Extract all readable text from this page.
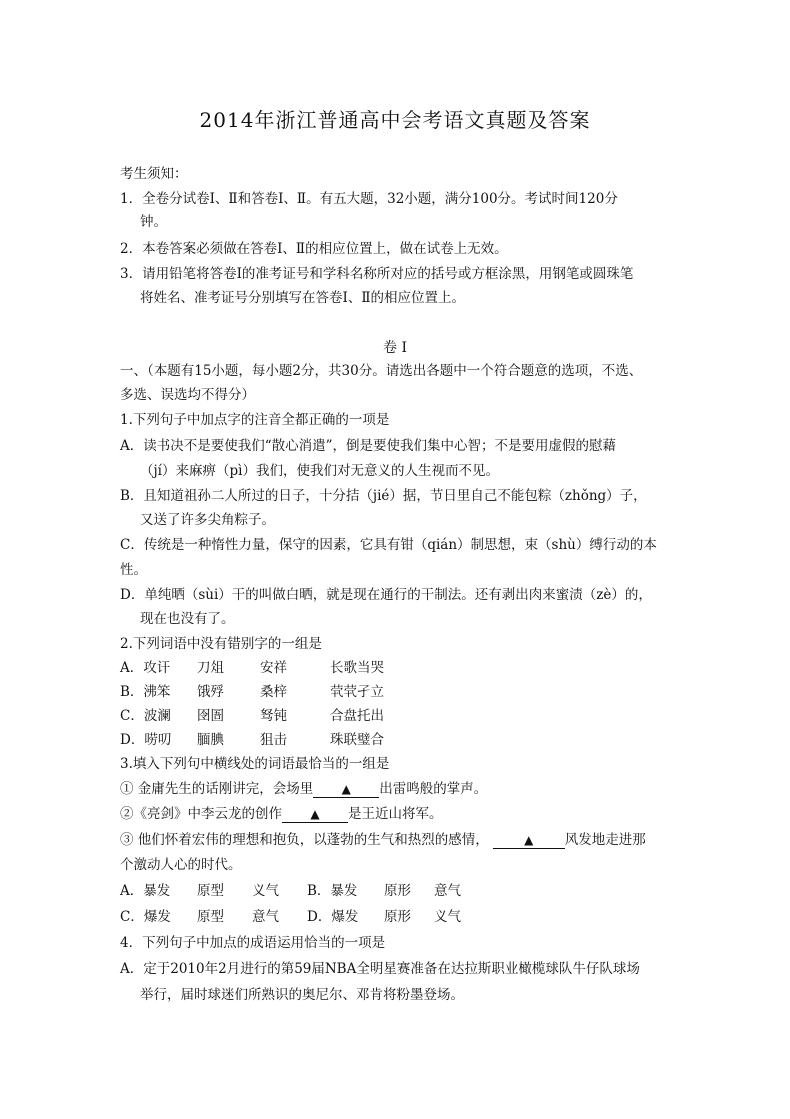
2014年浙江普通高中会考语文真题及答案
考生须知：
1．全卷分试卷Ⅰ、Ⅱ和答卷Ⅰ、Ⅱ。有五大题，32小题，满分100分。考试时间120分
钟。
2．本卷答案必须做在答卷Ⅰ、Ⅱ的相应位置上，做在试卷上无效。
3．请用铅笔将答卷Ⅰ的准考证号和学科名称所对应的括号或方框涂黑，用钢笔或圆珠笔
将姓名、准考证号分别填写在答卷Ⅰ、Ⅱ的相应位置上。
卷 Ⅰ
一、（本题有15小题，每小题2分，共30分。请选出各题中一个符合题意的选项，不选、
多选、误选均不得分）
1.下列句子中加点字的注音全都正确的一项是
A．读书决不是要使我们“散心消遣”，倒是要使我们集中心智；不是要用虚假的慰藉
（jí）来麻痹（pì）我们，使我们对无意义的人生视而不见。
B．且知道祖孙二人所过的日子，十分拮（jié）据，节日里自己不能包粽（zhǒng）子，
又送了许多尖角粽子。
C．传统是一种惰性力量，保守的因素，它具有钳（qián）制思想，束（shù）缚行动的本
性。
D．单纯晒（sùi）干的叫做白晒，就是现在通行的干制法。还有剥出肉来蜜渍（zè）的，
现在也没有了。
2.下列词语中没有错别字的一组是
A．攻讦 刀俎	安祥	长歌当哭
B．沸笨 饿殍	桑梓	茕茕孑立
C．波澜 囹圄	驽钝	合盘托出
D．唠叨 腼腆	狙击	珠联璧合
3.填入下列句中横线处的词语最恰当的一组是
① 金庸先生的话刚讲完，会场里 ▲ 出雷鸣般的掌声。
②《亮剑》中李云龙的创作 ▲ 是王近山将军。
③ 他们怀着宏伟的理想和抱负，以蓬勃的生气和热烈的感情，	▲ 风发地走进那
个激动人心的时代。
A．暴发 原型 义气 B．暴发 原形 意气
C．爆发 原型 意气 D．爆发 原形 义气
4．下列句子中加点的成语运用恰当的一项是
A．定于2010年2月进行的第59届NBA全明星赛准备在达拉斯职业橄榄球队牛仔队球场
举行，届时球迷们所熟识的奥尼尔、邓肯将粉墨登场。
